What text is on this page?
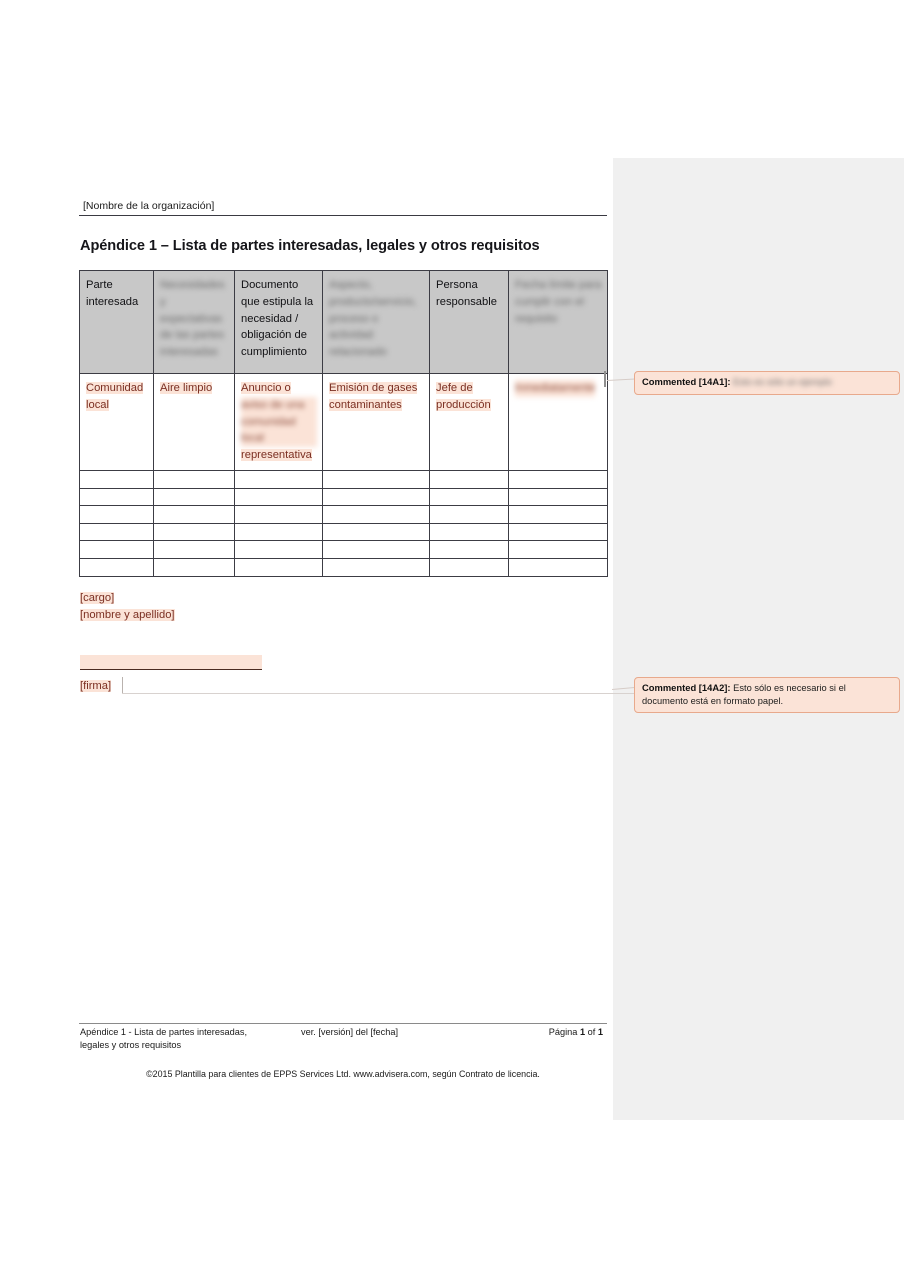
[Nombre de la organización]
Apéndice 1 – Lista de partes interesadas, legales y otros requisitos
Parte interesada	Necesidades y expectativas de las partes interesadas	Documento que estipula la necesidad / obligación de cumplimiento	Aspecto, producto/servicio, proceso o actividad relacionado	Persona responsable	Fecha límite para cumplir con el requisito
Comunidad local	Aire limpio	Anuncio o aviso de una comunidad local representativa	Emisión de gases contaminantes	Jefe de producción	Inmediatamente

[cargo]

[nombre y apellido]

[firma]
Commented [14A1]: Esto es sólo un ejemplo
Commented [14A2]: Esto sólo es necesario si el documento está en formato papel.
Apéndice 1 - Lista de partes interesadas,
legales y otros requisitos
ver. [versión] del [fecha]	Página 1 of 1
©2015 Plantilla para clientes de EPPS Services Ltd. www.advisera.com, según Contrato de licencia.
